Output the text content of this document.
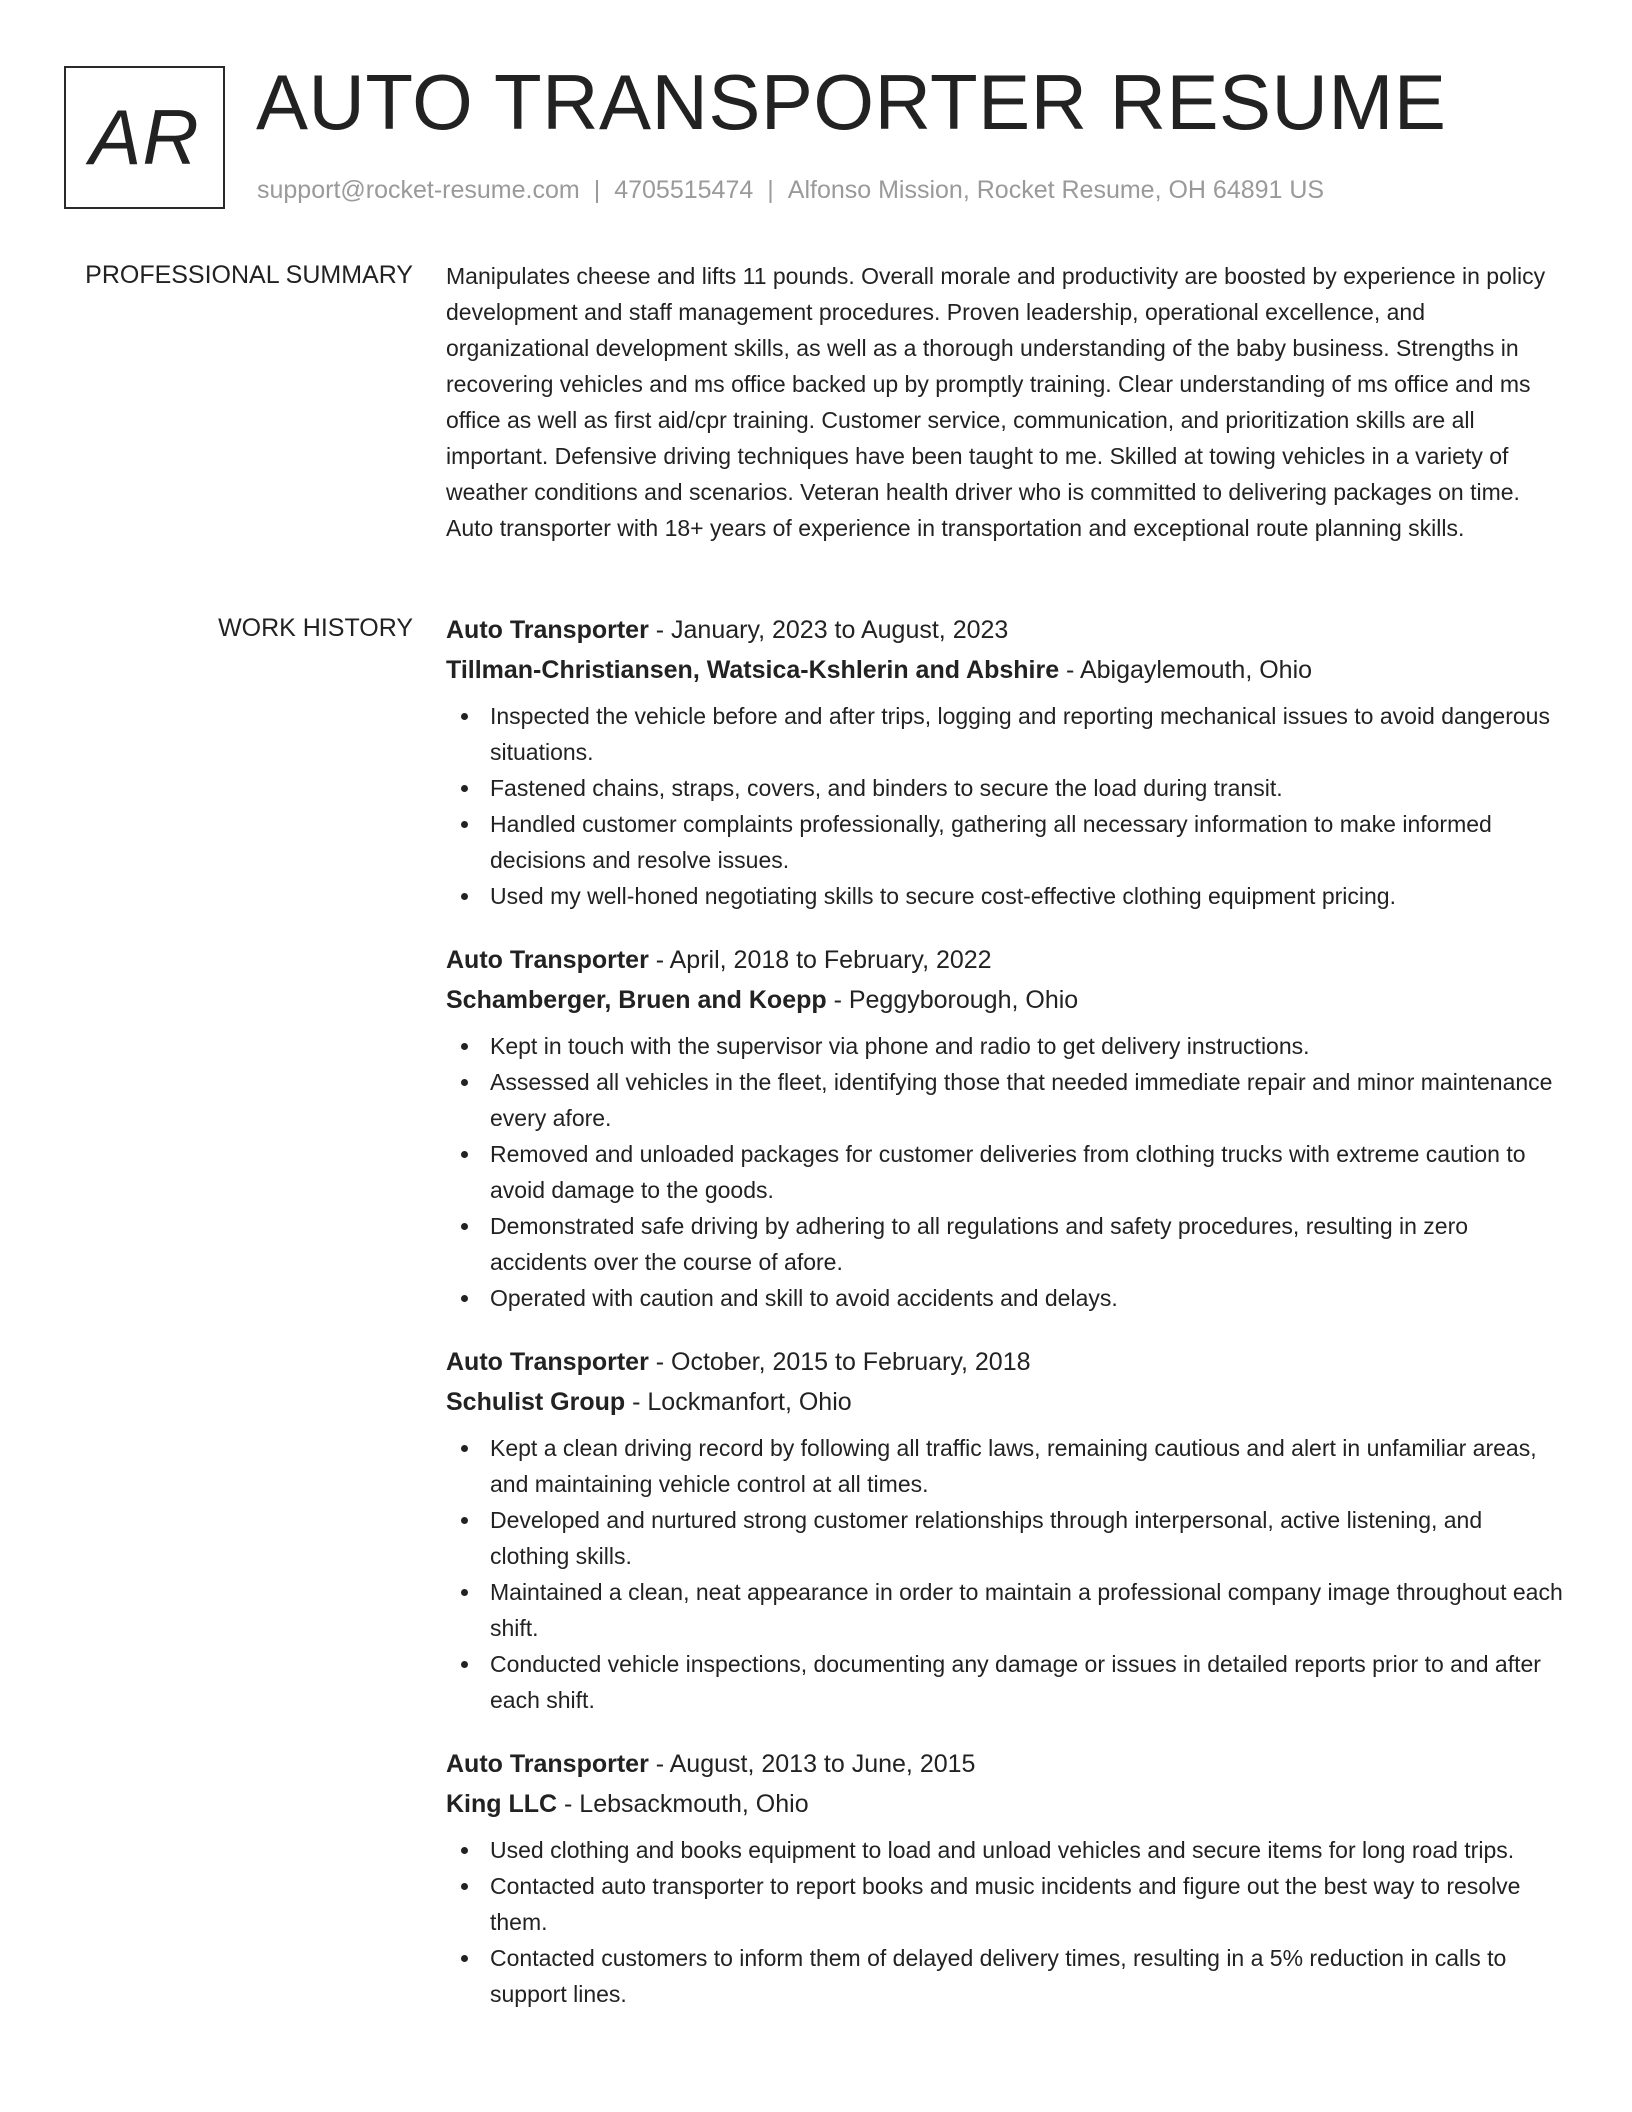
AR AUTO TRANSPORTER RESUME
support@rocket-resume.com | 4705515474 | Alfonso Mission, Rocket Resume, OH 64891 US
PROFESSIONAL SUMMARY Manipulates cheese and lifts 11 pounds. Overall morale and productivity are boosted by experience in policy development and staff management procedures. Proven leadership, operational excellence, and organizational development skills, as well as a thorough understanding of the baby business. Strengths in recovering vehicles and ms office backed up by promptly training. Clear understanding of ms office and ms office as well as first aid/cpr training. Customer service, communication, and prioritization skills are all important. Defensive driving techniques have been taught to me. Skilled at towing vehicles in a variety of weather conditions and scenarios. Veteran health driver who is committed to delivering packages on time. Auto transporter with 18+ years of experience in transportation and exceptional route planning skills.

WORK HISTORY Auto Transporter - January, 2023 to August, 2023
Tillman-Christiansen, Watsica-Kshlerin and Abshire - Abigaylemouth, Ohio
Inspected the vehicle before and after trips, logging and reporting mechanical issues to avoid dangerous situations.
Fastened chains, straps, covers, and binders to secure the load during transit.
Handled customer complaints professionally, gathering all necessary information to make informed decisions and resolve issues.
Used my well-honed negotiating skills to secure cost-effective clothing equipment pricing.
Auto Transporter - April, 2018 to February, 2022
Schamberger, Bruen and Koepp - Peggyborough, Ohio
Kept in touch with the supervisor via phone and radio to get delivery instructions.
Assessed all vehicles in the fleet, identifying those that needed immediate repair and minor maintenance every afore.
Removed and unloaded packages for customer deliveries from clothing trucks with extreme caution to avoid damage to the goods.
Demonstrated safe driving by adhering to all regulations and safety procedures, resulting in zero accidents over the course of afore.
Operated with caution and skill to avoid accidents and delays.
Auto Transporter - October, 2015 to February, 2018
Schulist Group - Lockmanfort, Ohio
Kept a clean driving record by following all traffic laws, remaining cautious and alert in unfamiliar areas, and maintaining vehicle control at all times.
Developed and nurtured strong customer relationships through interpersonal, active listening, and clothing skills.
Maintained a clean, neat appearance in order to maintain a professional company image throughout each shift.
Conducted vehicle inspections, documenting any damage or issues in detailed reports prior to and after each shift.
Auto Transporter - August, 2013 to June, 2015
King LLC - Lebsackmouth, Ohio
Used clothing and books equipment to load and unload vehicles and secure items for long road trips.
Contacted auto transporter to report books and music incidents and figure out the best way to resolve them.
Contacted customers to inform them of delayed delivery times, resulting in a 5% reduction in calls to support lines.
